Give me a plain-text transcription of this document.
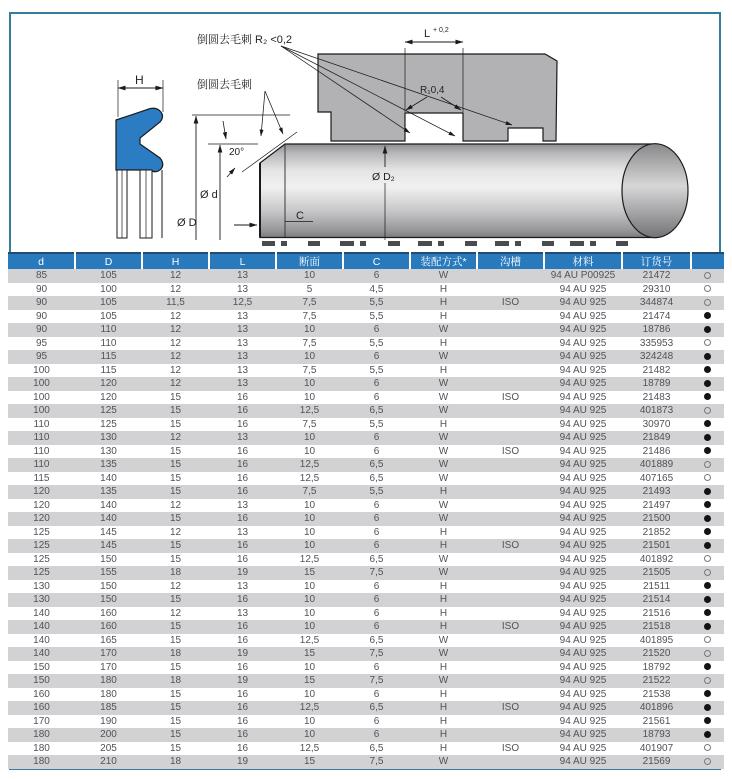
H
Ø d
Ø D
Ø D₂
L + 0,2
R₁0,4
倒圆去毛刺 R₂ <0,2
倒圆去毛刺
20°
C
d	D	H	L	断面	C	装配方式*	沟槽	材料	订货号	
85	105	12	13	10	6	W		94 AU P00925	21472	
90	100	12	13	5	4,5	H		94 AU 925	29310	
90	105	11,5	12,5	7,5	5,5	H	ISO	94 AU 925	344874	
90	105	12	13	7,5	5,5	H		94 AU 925	21474	
90	110	12	13	10	6	W		94 AU 925	18786	
95	110	12	13	7,5	5,5	H		94 AU 925	335953	
95	115	12	13	10	6	W		94 AU 925	324248	
100	115	12	13	7,5	5,5	H		94 AU 925	21482	
100	120	12	13	10	6	W		94 AU 925	18789	
100	120	15	16	10	6	W	ISO	94 AU 925	21483	
100	125	15	16	12,5	6,5	W		94 AU 925	401873	
110	125	15	16	7,5	5,5	H		94 AU 925	30970	
110	130	12	13	10	6	W		94 AU 925	21849	
110	130	15	16	10	6	W	ISO	94 AU 925	21486	
110	135	15	16	12,5	6,5	W		94 AU 925	401889	
115	140	15	16	12,5	6,5	W		94 AU 925	407165	
120	135	15	16	7,5	5,5	H		94 AU 925	21493	
120	140	12	13	10	6	W		94 AU 925	21497	
120	140	15	16	10	6	W		94 AU 925	21500	
125	145	12	13	10	6	H		94 AU 925	21852	
125	145	15	16	10	6	H	ISO	94 AU 925	21501	
125	150	15	16	12,5	6,5	W		94 AU 925	401892	
125	155	18	19	15	7,5	W		94 AU 925	21505	
130	150	12	13	10	6	H		94 AU 925	21511	
130	150	15	16	10	6	H		94 AU 925	21514	
140	160	12	13	10	6	H		94 AU 925	21516	
140	160	15	16	10	6	H	ISO	94 AU 925	21518	
140	165	15	16	12,5	6,5	W		94 AU 925	401895	
140	170	18	19	15	7,5	W		94 AU 925	21520	
150	170	15	16	10	6	H		94 AU 925	18792	
150	180	18	19	15	7,5	W		94 AU 925	21522	
160	180	15	16	10	6	H		94 AU 925	21538	
160	185	15	16	12,5	6,5	H	ISO	94 AU 925	401896	
170	190	15	16	10	6	H		94 AU 925	21561	
180	200	15	16	10	6	H		94 AU 925	18793	
180	205	15	16	12,5	6,5	H	ISO	94 AU 925	401907	
180	210	18	19	15	7,5	W		94 AU 925	21569	
